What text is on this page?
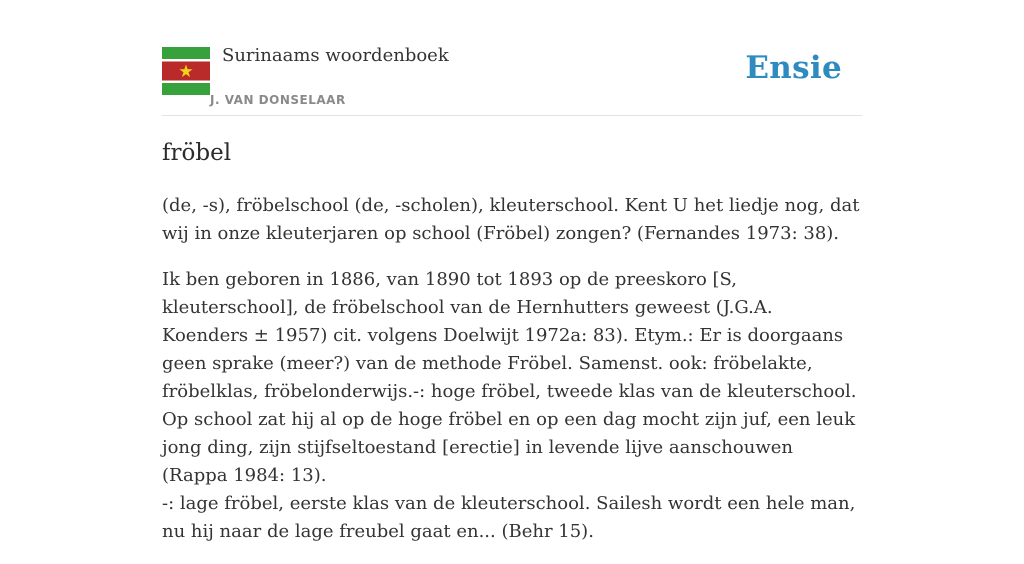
Surinaams woordenboek
J. VAN DONSELAAR
Ensie
fröbel

(de, -s), fröbelschool (de, -scholen), kleuterschool. Kent U het liedje nog, dat wij in onze kleuterjaren op school (Fröbel) zongen? (Fernandes 1973: 38).

Ik ben geboren in 1886, van 1890 tot 1893 op de preeskoro [S, kleuterschool], de fröbelschool van de Hernhutters geweest (J.G.A. Koenders ± 1957) cit. volgens Doelwijt 1972a: 83). Etym.: Er is doorgaans geen sprake (meer?) van de methode Fröbel. Samenst. ook: fröbelakte, fröbelklas, fröbelonderwijs.-: hoge fröbel, tweede klas van de kleuterschool. Op school zat hij al op de hoge fröbel en op een dag mocht zijn juf, een leuk jong ding, zijn stijfseltoestand [erectie] in levende lijve aanschouwen (Rappa 1984: 13).

-: lage fröbel, eerste klas van de kleuterschool. Sailesh wordt een hele man, nu hij naar de lage freubel gaat en... (Behr 15).
